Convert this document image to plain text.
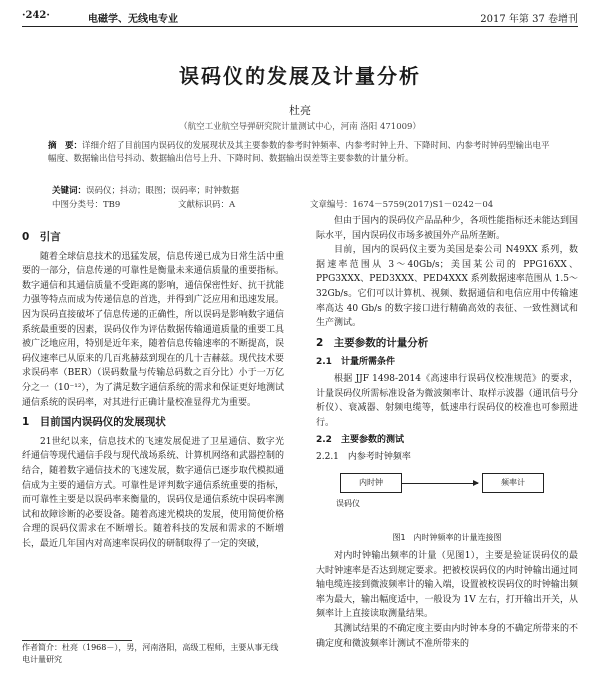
·242·	电磁学、无线电专业	2017 年第 37 卷增刊
误码仪的发展及计量分析
杜亮
（航空工业航空导弹研究院计量测试中心，河南 洛阳 471009）
摘　要：详细介绍了目前国内误码仪的发展现状及其主要参数的参考时钟频率、内参考时钟上升、下降时间、内参考时钟码型输出电平幅度、数据输出信号抖动、数据输出信号上升、下降时间、数据输出误差等主要参数的计量分析。
关键词：误码仪；抖动；眼图；误码率；时钟数据
中图分类号：TB9	文献标识码：A	文章编号：1674－5759(2017)S1－0242－04
0　引言

随着全球信息技术的迅猛发展，信息传递已成为日常生活中重要的一部分，信息传递的可靠性是衡量未来通信质量的重要指标。数字通信和其通信质量不受距离的影响，通信保密性好、抗干扰能力强等特点而成为传递信息的首选，并得到广泛应用和迅速发展。因为误码直接破坏了信息传递的正确性，所以误码是影响数字通信系统最重要的因素，误码仪作为评估数据传输通道质量的重要工具被广泛地应用，特别是近年来，随着信息传输速率的不断提高，误码仪速率已从原来的几百兆赫兹到现在的几十吉赫兹。现代技术要求误码率（BER）（误码数量与传输总码数之百分比）小于一万亿分之一（10⁻¹²），为了满足数字通信系统的需求和保证更好地测试通信系统的误码率，对其进行正确计量校准显得尤为重要。

1　目前国内误码仪的发展现状

21世纪以来，信息技术的飞速发展促进了卫星通信、数字光纤通信等现代通信手段与现代战场系统、计算机网络和武器控制的结合，随着数字通信技术的飞速发展，数字通信已逐步取代模拟通信成为主要的通信方式。可靠性是评判数字通信系统重要的指标，而可靠性主要是以误码率来衡量的，误码仪是通信系统中误码率测试和故障诊断的必要设备。随着高速光模块的发展，使用简便价格合理的误码仪需求在不断增长。随着科技的发展和需求的不断增长，最近几年国内对高速率误码仪的研制取得了一定的突破，

作者简介：杜亮（1968－），男，河南洛阳，高级工程师，主要从事无线电计量研究

但由于国内的误码仪产品品种少，各项性能指标还未能达到国际水平，国内误码仪市场多被国外产品所垄断。

目前，国内的误码仪主要为美国是泰公司 N49XX 系列，数据速率范围从 3～40Gb/s；美国某公司的 PPG16XX、PPG3XXX、PED3XXX、PED4XXX 系列数据速率范围从 1.5～32Gb/s。它们可以计算机、视频、数据通信和电信应用中传输速率高达 40 Gb/s 的数字接口进行精确高效的表征、一致性测试和生产测试。

2　主要参数的计量分析
2.1　计量所需条件

根据 JJF 1498-2014《高速串行误码仪校准规范》的要求，计量误码仪所需标准设备为微波频率计、取样示波器（通讯信号分析仪）、衰减器、射频电缆等，低速串行误码仪的校准也可参照进行。

2.2　主要参数的测试
2.2.1　内参考时钟频率
内时钟	频率计
误码仪
图1　内时钟频率的计量连接图

对内时钟输出频率的计量（见图1），主要是验证误码仪的最大时钟速率是否达到规定要求。把被校误码仪的内时钟输出通过同轴电缆连接到微波频率计的输入端，设置被校误码仪的时钟输出频率为最大，输出幅度适中，一般设为 1V 左右，打开输出开关，从频率计上直接读取测量结果。

其测试结果的不确定度主要由内时钟本身的不确定所带来的不确定度和微波频率计测试不准所带来的
